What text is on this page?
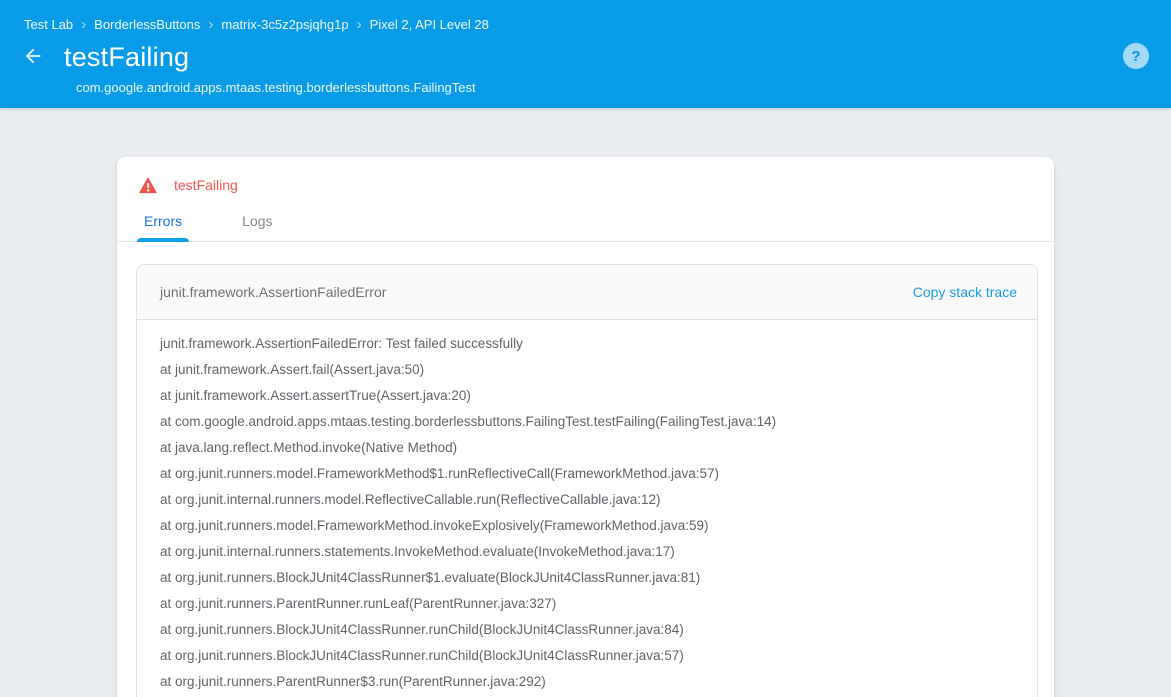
Test Lab › BorderlessButtons › matrix-3c5z2psjqhg1p › Pixel 2, API Level 28
testFailing
com.google.android.apps.mtaas.testing.borderlessbuttons.FailingTest
?
testFailing
Errors	Logs
junit.framework.AssertionFailedError	Copy stack trace
junit.framework.AssertionFailedError: Test failed successfully
at junit.framework.Assert.fail(Assert.java:50)
at junit.framework.Assert.assertTrue(Assert.java:20)
at com.google.android.apps.mtaas.testing.borderlessbuttons.FailingTest.testFailing(FailingTest.java:14)
at java.lang.reflect.Method.invoke(Native Method)
at org.junit.runners.model.FrameworkMethod$1.runReflectiveCall(FrameworkMethod.java:57)
at org.junit.internal.runners.model.ReflectiveCallable.run(ReflectiveCallable.java:12)
at org.junit.runners.model.FrameworkMethod.invokeExplosively(FrameworkMethod.java:59)
at org.junit.internal.runners.statements.InvokeMethod.evaluate(InvokeMethod.java:17)
at org.junit.runners.BlockJUnit4ClassRunner$1.evaluate(BlockJUnit4ClassRunner.java:81)
at org.junit.runners.ParentRunner.runLeaf(ParentRunner.java:327)
at org.junit.runners.BlockJUnit4ClassRunner.runChild(BlockJUnit4ClassRunner.java:84)
at org.junit.runners.BlockJUnit4ClassRunner.runChild(BlockJUnit4ClassRunner.java:57)
at org.junit.runners.ParentRunner$3.run(ParentRunner.java:292)
